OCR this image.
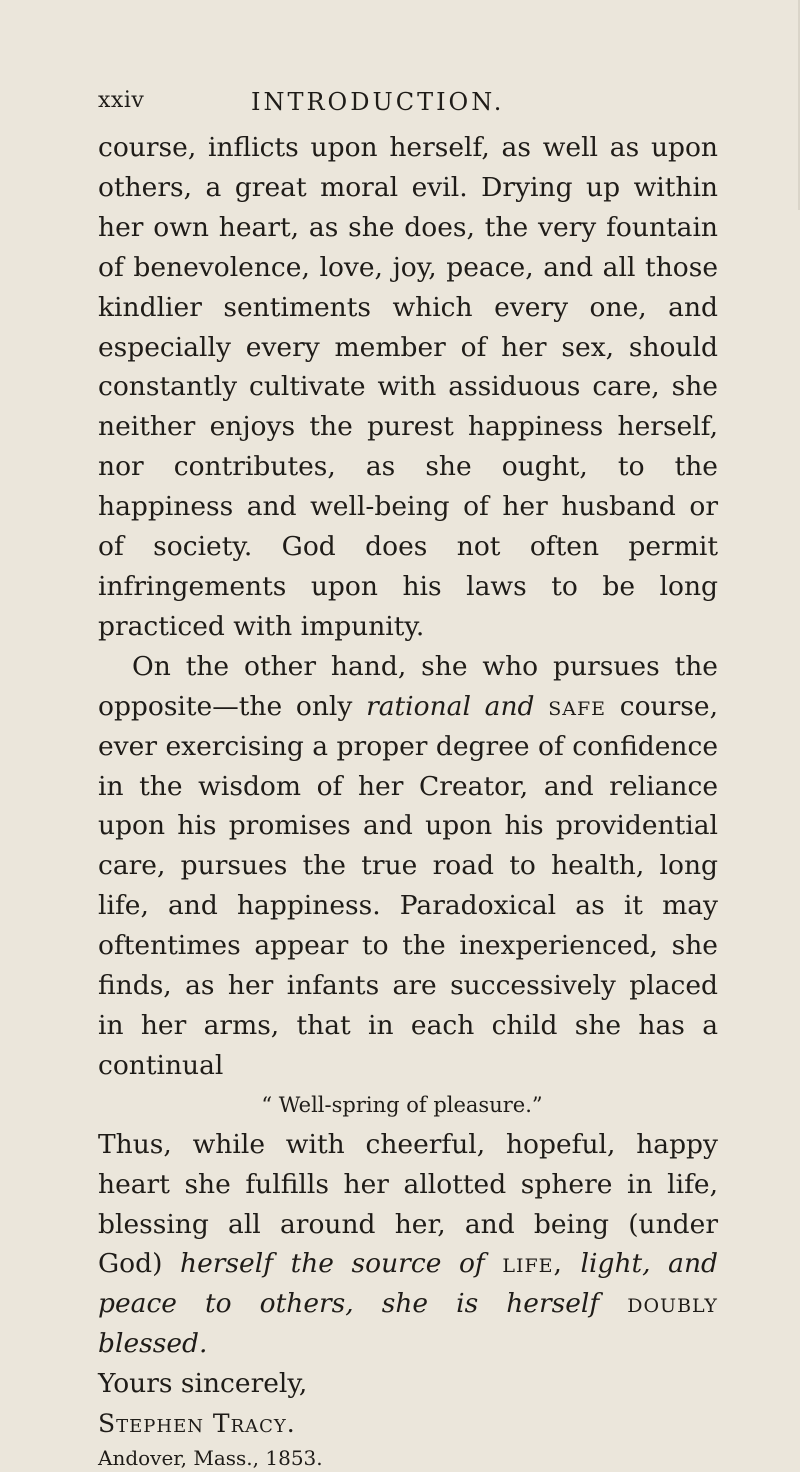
xxiv	INTRODUCTION.

course, inflicts upon herself, as well as upon others, a great moral evil. Drying up within her own heart, as she does, the very fountain of benevolence, love, joy, peace, and all those kindlier sentiments which every one, and especially every member of her sex, should constantly cultivate with assiduous care, she neither enjoys the purest happiness herself, nor contributes, as she ought, to the happiness and well-being of her husband or of society. God does not often permit infringements upon his laws to be long practiced with impunity.

On the other hand, she who pursues the opposite—the only rational and safe course, ever exercising a proper degree of confidence in the wisdom of her Creator, and reliance upon his promises and upon his providential care, pursues the true road to health, long life, and happiness. Paradoxical as it may oftentimes appear to the inexperienced, she finds, as her infants are successively placed in her arms, that in each child she has a continual

“ Well-spring of pleasure.”

Thus, while with cheerful, hopeful, happy heart she fulfills her allotted sphere in life, blessing all around her, and being (under God) herself the source of life, light, and peace to others, she is herself doubly blessed.

Yours sincerely,

Stephen Tracy.

Andover, Mass., 1853.
